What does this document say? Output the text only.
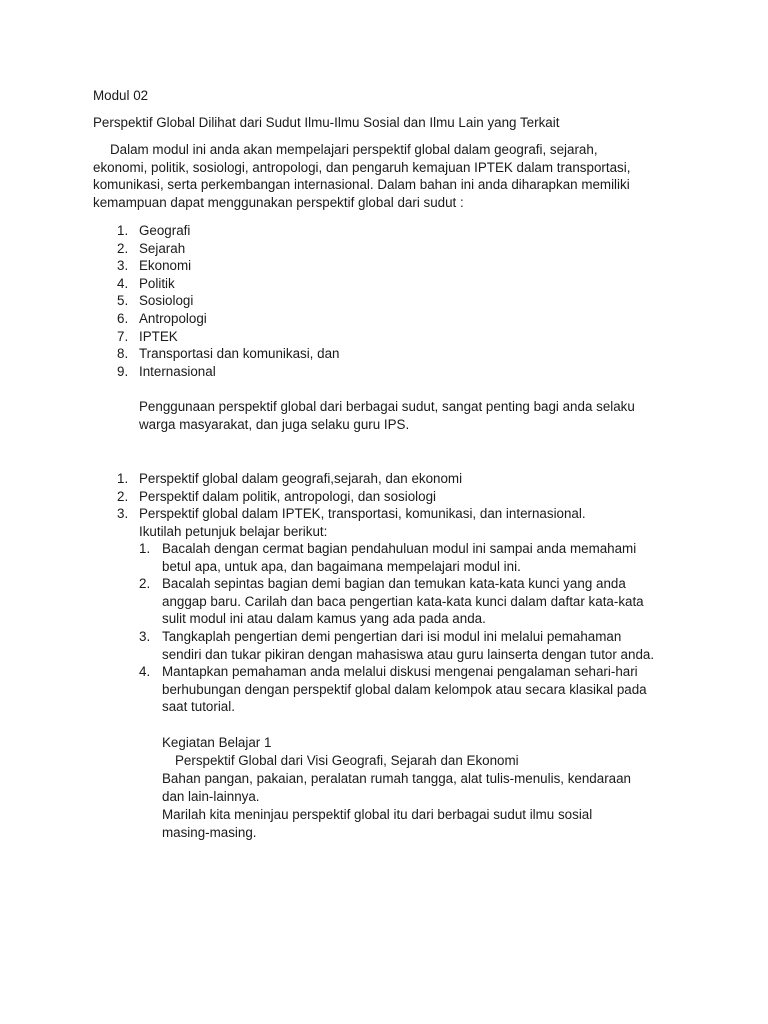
Modul 02

Perspektif Global Dilihat dari Sudut Ilmu-Ilmu Sosial dan Ilmu Lain yang Terkait

Dalam modul ini anda akan mempelajari perspektif global dalam geografi, sejarah, ekonomi, politik, sosiologi, antropologi, dan pengaruh kemajuan IPTEK dalam transportasi, komunikasi, serta perkembangan internasional. Dalam bahan ini anda diharapkan memiliki kemampuan dapat menggunakan perspektif global dari sudut :

1. Geografi
2. Sejarah
3. Ekonomi
4. Politik
5. Sosiologi
6. Antropologi
7. IPTEK
8. Transportasi dan komunikasi, dan
9. Internasional

Penggunaan perspektif global dari berbagai sudut, sangat penting bagi anda selaku warga masyarakat, dan juga selaku guru IPS.

1. Perspektif global dalam geografi,sejarah, dan ekonomi
2. Perspektif dalam politik, antropologi, dan sosiologi
3. Perspektif global dalam IPTEK, transportasi, komunikasi, dan internasional.

Ikutilah petunjuk belajar berikut:

1. Bacalah dengan cermat bagian pendahuluan modul ini sampai anda memahami betul apa, untuk apa, dan bagaimana mempelajari modul ini.
2. Bacalah sepintas bagian demi bagian dan temukan kata-kata kunci yang anda anggap baru. Carilah dan baca pengertian kata-kata kunci dalam daftar kata-kata sulit modul ini atau dalam kamus yang ada pada anda.
3. Tangkaplah pengertian demi pengertian dari isi modul ini melalui pemahaman sendiri dan tukar pikiran dengan mahasiswa atau guru lainserta dengan tutor anda.
4. Mantapkan pemahaman anda melalui diskusi mengenai pengalaman sehari-hari berhubungan dengan perspektif global dalam kelompok atau secara klasikal pada saat tutorial.

Kegiatan Belajar 1

Perspektif Global dari Visi Geografi, Sejarah dan Ekonomi

Bahan pangan, pakaian, peralatan rumah tangga, alat tulis-menulis, kendaraan dan lain-lainnya.

Marilah kita meninjau perspektif global itu dari berbagai sudut ilmu sosial masing-masing.
